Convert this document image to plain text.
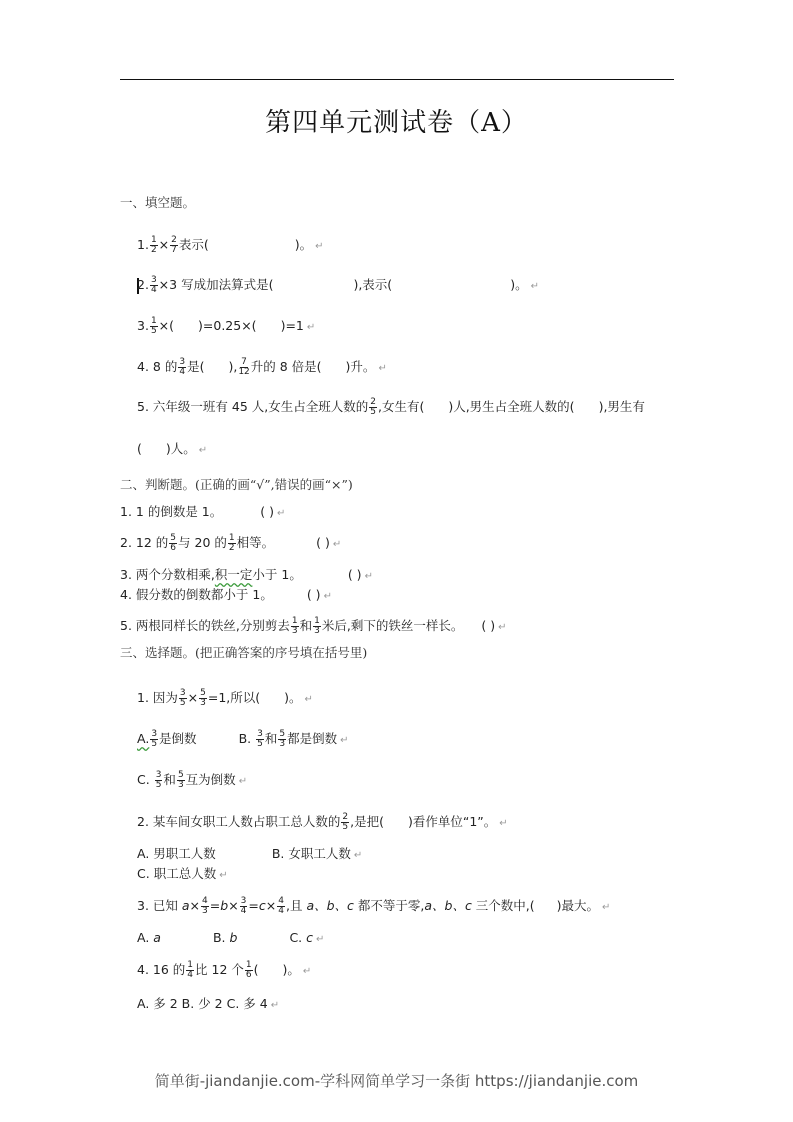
第四单元测试卷（A）
一、填空题。
1. $\frac{1}{2} \times \frac{2}{7}$ 表示(	)。 ↵
2. $\frac{3}{4} \times 3$ 写成加法算式是(	),表示(	)。 ↵
3. $\frac{1}{5}$ ×( )=0.25×( )=1 ↵
4. 8 的 $\frac{3}{4}$ 是( ), $\frac{7}{12}$ 升的 8 倍是( )升。 ↵
5. 六年级一班有 45 人,女生占全班人数的 $\frac{2}{5}$ ,女生有( )人,男生占全班人数的( ),男生有
( )人。 ↵
二、判断题。(正确的画“√”,错误的画“×”)
1. 1 的倒数是 1。	( ) ↵
2. 12 的 $\frac{5}{6}$ 与 20 的 $\frac{1}{2}$ 相等。	( ) ↵
3. 两个分数相乘,积一定小于 1。	( ) ↵
4. 假分数的倒数都小于 1。	( ) ↵
5. 两根同样长的铁丝,分别剪去 $\frac{1}{3}$ 和 $\frac{1}{3}$ 米后,剩下的铁丝一样长。 ( ) ↵
三、选择题。(把正确答案的序号填在括号里)
1. 因为 $\frac{3}{5} \times \frac{5}{3} =1$,所以( )。 ↵
A. $\frac{3}{5}$ 是倒数	B. $\frac{3}{5}$ 和 $\frac{5}{3}$ 都是倒数 ↵
C. $\frac{3}{5}$ 和 $\frac{5}{3}$ 互为倒数 ↵
2. 某车间女职工人数占职工总人数的 $\frac{2}{5}$ ,是把( )看作单位“1”。 ↵
A. 男职工人数	B. 女职工人数 ↵
C. 职工总人数 ↵
3. 已知 $a\times \frac{4}{3} =b\times \frac{3}{4} =c\times \frac{4}{4}$ ,且 a、b、c 都不等于零,a、b、c 三个数中,( )最大。 ↵
A. a	B. b	C. c ↵
4. 16 的 $\frac{1}{4}$ 比 12 个 $\frac{1}{6}$ ( )。 ↵
A. 多 2 B. 少 2 C. 多 4 ↵
简单街-jiandanjie.com-学科网简单学习一条街 https://jiandanjie.com
